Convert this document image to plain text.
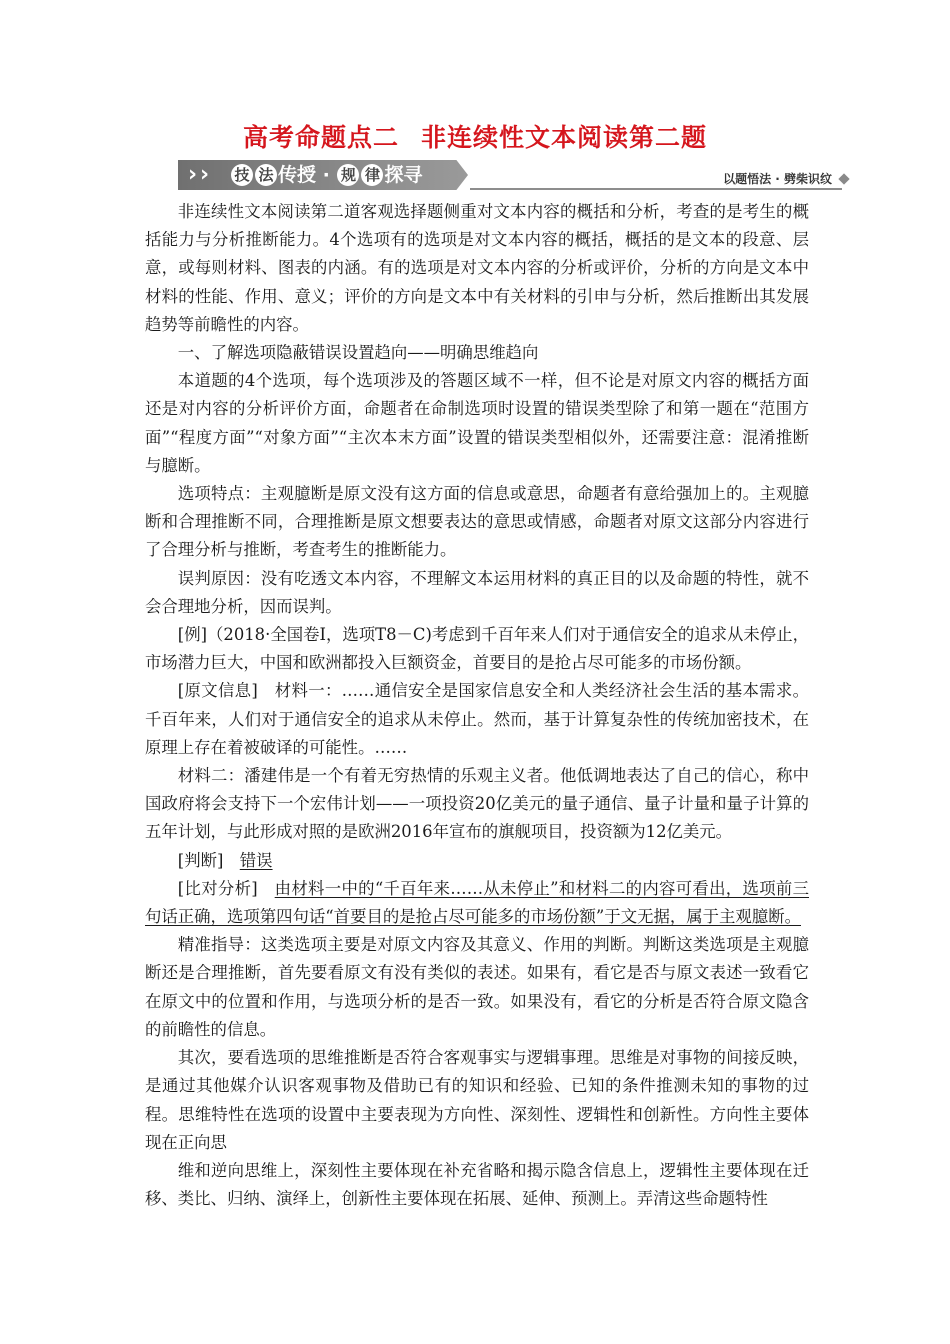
高考命题点二 非连续性文本阅读第二题
› › 技 法 传授 · 规 律 探寻	以题悟法 · 劈柴识纹

非连续性文本阅读第二道客观选择题侧重对文本内容的概括和分析，考查的是考生的概括能力与分析推断能力。4个选项有的选项是对文本内容的概括，概括的是文本的段意、层意，或每则材料、图表的内涵。有的选项是对文本内容的分析或评价，分析的方向是文本中材料的性能、作用、意义；评价的方向是文本中有关材料的引申与分析，然后推断出其发展趋势等前瞻性的内容。

一、了解选项隐蔽错误设置趋向——明确思维趋向

本道题的4个选项，每个选项涉及的答题区域不一样，但不论是对原文内容的概括方面还是对内容的分析评价方面，命题者在命制选项时设置的错误类型除了和第一题在“范围方面”“程度方面”“对象方面”“主次本末方面”设置的错误类型相似外，还需要注意：混淆推断与臆断。

选项特点：主观臆断是原文没有这方面的信息或意思，命题者有意给强加上的。主观臆断和合理推断不同，合理推断是原文想要表达的意思或情感，命题者对原文这部分内容进行了合理分析与推断，考查考生的推断能力。

误判原因：没有吃透文本内容，不理解文本运用材料的真正目的以及命题的特性，就不会合理地分析，因而误判。

[例]（2018·全国卷Ⅰ，选项T8－C)考虑到千百年来人们对于通信安全的追求从未停止，市场潜力巨大，中国和欧洲都投入巨额资金，首要目的是抢占尽可能多的市场份额。

[原文信息]　材料一：……通信安全是国家信息安全和人类经济社会生活的基本需求。千百年来，人们对于通信安全的追求从未停止。然而，基于计算复杂性的传统加密技术，在原理上存在着被破译的可能性。……

材料二：潘建伟是一个有着无穷热情的乐观主义者。他低调地表达了自己的信心，称中国政府将会支持下一个宏伟计划——一项投资20亿美元的量子通信、量子计量和量子计算的五年计划，与此形成对照的是欧洲2016年宣布的旗舰项目，投资额为12亿美元。

[判断]　 错误

[比对分析]　 由材料一中的“千百年来……从未停止”和材料二的内容可看出，选项前三句话正确，选项第四句话“首要目的是抢占尽可能多的市场份额”于文无据，属于主观臆断。

精准指导：这类选项主要是对原文内容及其意义、作用的判断。判断这类选项是主观臆断还是合理推断，首先要看原文有没有类似的表述。如果有，看它是否与原文表述一致看它在原文中的位置和作用，与选项分析的是否一致。如果没有，看它的分析是否符合原文隐含的前瞻性的信息。

其次，要看选项的思维推断是否符合客观事实与逻辑事理。思维是对事物的间接反映，是通过其他媒介认识客观事物及借助已有的知识和经验、已知的条件推测未知的事物的过程。思维特性在选项的设置中主要表现为方向性、深刻性、逻辑性和创新性。方向性主要体现在正向思

维和逆向思维上，深刻性主要体现在补充省略和揭示隐含信息上，逻辑性主要体现在迁移、类比、归纳、演绎上，创新性主要体现在拓展、延伸、预测上。弄清这些命题特性
